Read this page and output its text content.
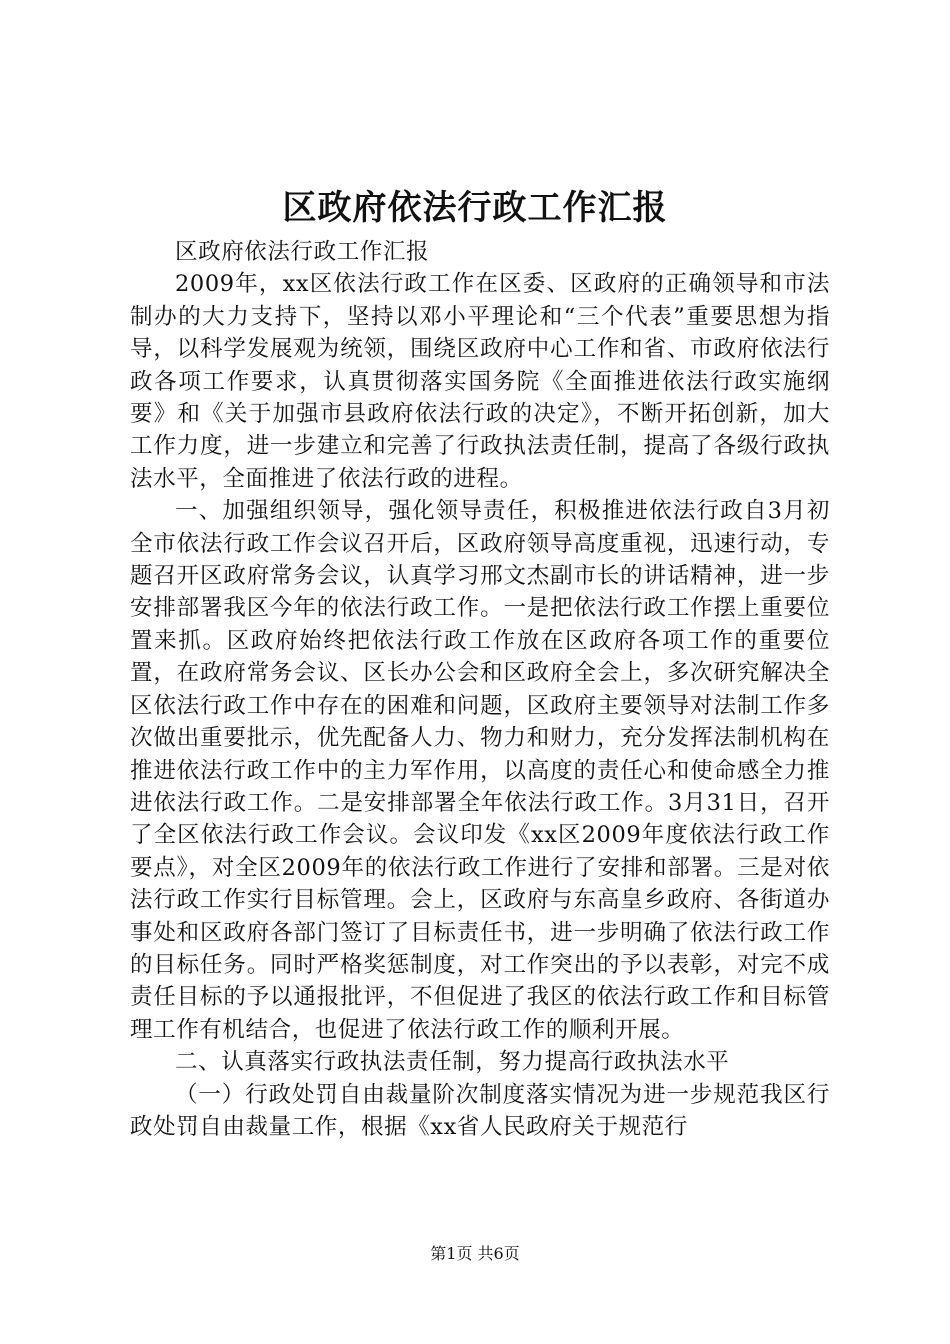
区政府依法行政工作汇报

区政府依法行政工作汇报

2009年，xx区依法行政工作在区委、区政府的正确领导和市法制办的大力支持下，坚持以邓小平理论和“三个代表”重要思想为指导，以科学发展观为统领，围绕区政府中心工作和省、市政府依法行政各项工作要求，认真贯彻落实国务院《全面推进依法行政实施纲要》和《关于加强市县政府依法行政的决定》，不断开拓创新，加大工作力度，进一步建立和完善了行政执法责任制，提高了各级行政执法水平，全面推进了依法行政的进程。

一、加强组织领导，强化领导责任，积极推进依法行政自3月初全市依法行政工作会议召开后，区政府领导高度重视，迅速行动，专题召开区政府常务会议，认真学习邢文杰副市长的讲话精神，进一步安排部署我区今年的依法行政工作。一是把依法行政工作摆上重要位置来抓。区政府始终把依法行政工作放在区政府各项工作的重要位置，在政府常务会议、区长办公会和区政府全会上，多次研究解决全区依法行政工作中存在的困难和问题，区政府主要领导对法制工作多次做出重要批示，优先配备人力、物力和财力，充分发挥法制机构在推进依法行政工作中的主力军作用，以高度的责任心和使命感全力推进依法行政工作。二是安排部署全年依法行政工作。3月31日，召开了全区依法行政工作会议。会议印发《xx区2009年度依法行政工作要点》，对全区2009年的依法行政工作进行了安排和部署。三是对依法行政工作实行目标管理。会上，区政府与东高皇乡政府、各街道办事处和区政府各部门签订了目标责任书，进一步明确了依法行政工作的目标任务。同时严格奖惩制度，对工作突出的予以表彰，对完不成责任目标的予以通报批评，不但促进了我区的依法行政工作和目标管理工作有机结合，也促进了依法行政工作的顺利开展。

二、认真落实行政执法责任制，努力提高行政执法水平

（一）行政处罚自由裁量阶次制度落实情况为进一步规范我区行政处罚自由裁量工作，根据《xx省人民政府关于规范行

第1页 共6页
